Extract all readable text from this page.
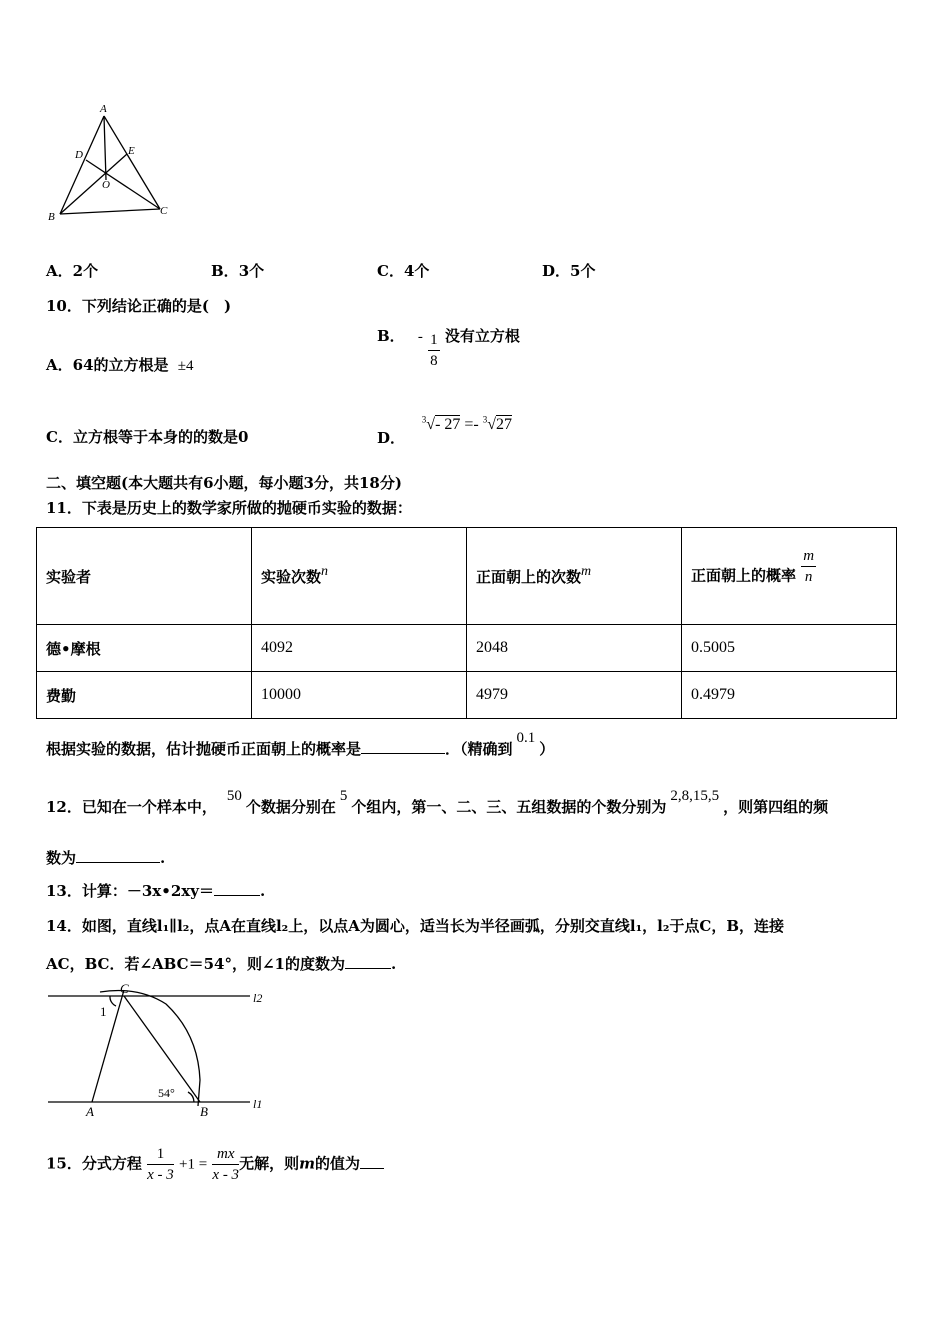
A
D	E
O
B	C
A．2个	B．3个	C．4个	D．5个
10．下列结论正确的是(　)
A．64的立方根是 ±4
B． - $\frac{1}{8}$ 没有立方根
C．立方根等于本身的的数是0	D． $^3$√- 27 =- $^3$√27
二、填空题(本大题共有6小题，每小题3分，共18分)
11．下表是历史上的数学家所做的抛硬币实验的数据：
实验者	实验次数n	正面朝上的次数m	正面朝上的概率 $\frac{m}{n}$

德•摩根	4092	2048	0.5005
费勤	10000	4979	0.4979
根据实验的数据，估计抛硬币正面朝上的概率是	．（精确到0.1）
12．已知在一个样本中，50个数据分别在5个组内，第一、二、三、五组数据的个数分别为2,8,15,5，则第四组的频
数为	.
13．计算：－3x•2xy＝	.
14．如图，直线l₁∥l₂，点A在直线l₂上，以点A为圆心，适当长为半径画弧，分别交直线l₁，l₂于点C，B，连接
AC，BC．若∠ABC＝54°，则∠1的度数为	.
l2
l1
C
1
54°
A	B
15．分式方程 $\frac{1}{x - 3} +1 = \frac{mx}{x - 3}$ 无解，则m的值为
